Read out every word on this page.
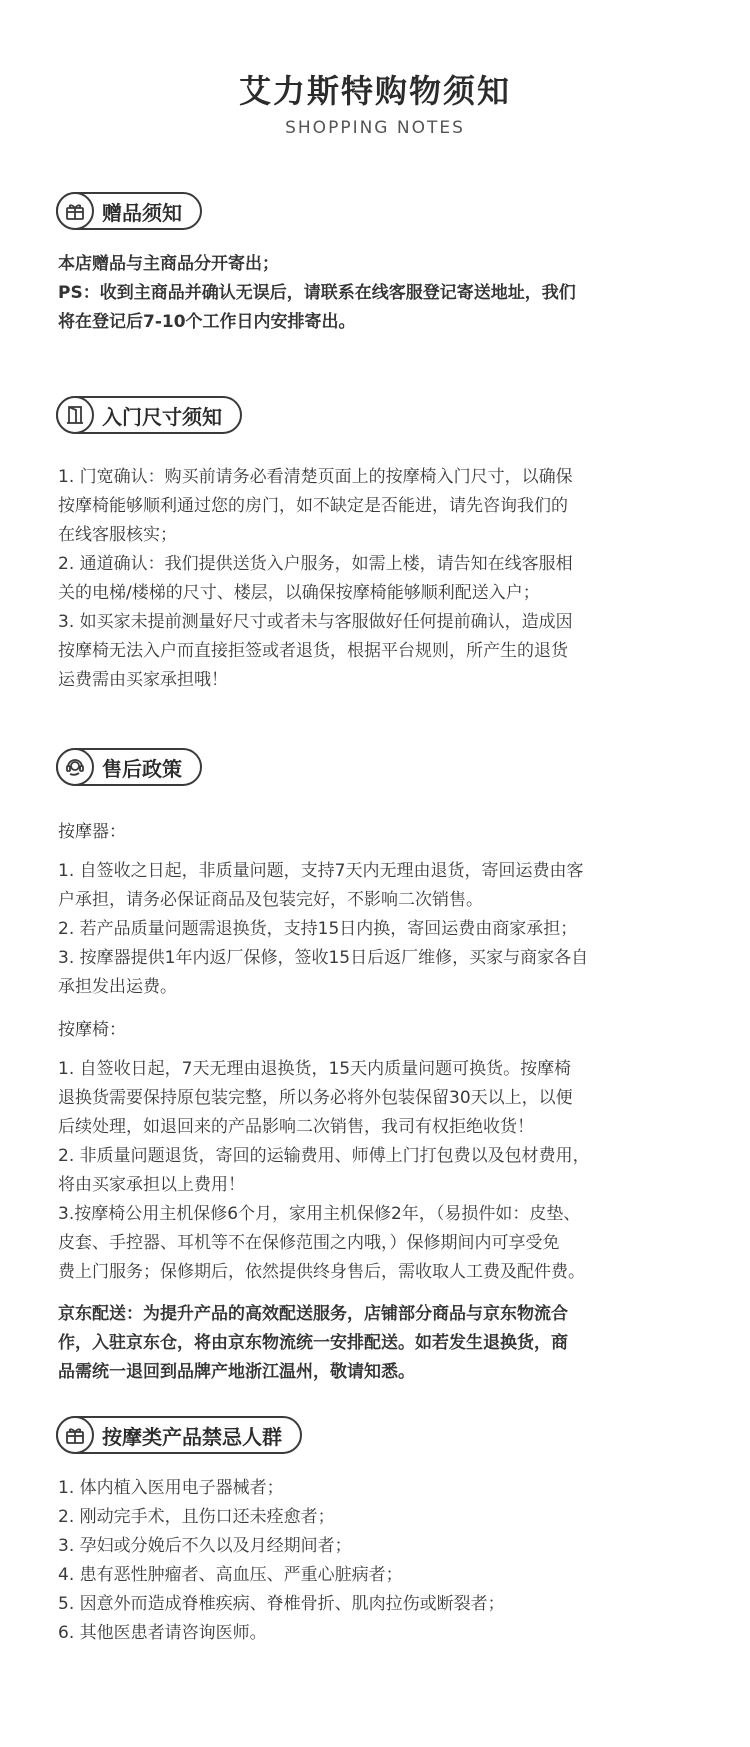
艾力斯特购物须知
SHOPPING NOTES
赠品须知
本店赠品与主商品分开寄出；
PS：收到主商品并确认无误后，请联系在线客服登记寄送地址，我们
将在登记后7-10个工作日内安排寄出。
入门尺寸须知
1. 门宽确认：购买前请务必看清楚页面上的按摩椅入门尺寸，以确保
按摩椅能够顺利通过您的房门，如不缺定是否能进，请先咨询我们的
在线客服核实；
2. 通道确认：我们提供送货入户服务，如需上楼，请告知在线客服相
关的电梯/楼梯的尺寸、楼层，以确保按摩椅能够顺利配送入户；
3. 如买家未提前测量好尺寸或者未与客服做好任何提前确认，造成因
按摩椅无法入户而直接拒签或者退货，根据平台规则，所产生的退货
运费需由买家承担哦！
售后政策
按摩器：
1. 自签收之日起，非质量问题，支持7天内无理由退货，寄回运费由客
户承担，请务必保证商品及包装完好，不影响二次销售。
2. 若产品质量问题需退换货，支持15日内换，寄回运费由商家承担；
3. 按摩器提供1年内返厂保修，签收15日后返厂维修，买家与商家各自
承担发出运费。
按摩椅：
1. 自签收日起，7天无理由退换货，15天内质量问题可换货。按摩椅
退换货需要保持原包装完整，所以务必将外包装保留30天以上，以便
后续处理，如退回来的产品影响二次销售，我司有权拒绝收货！
2. 非质量问题退货，寄回的运输费用、师傅上门打包费以及包材费用，
将由买家承担以上费用！
3.按摩椅公用主机保修6个月，家用主机保修2年，（易损件如：皮垫、
皮套、手控器、耳机等不在保修范围之内哦，）保修期间内可享受免
费上门服务；保修期后，依然提供终身售后，需收取人工费及配件费。
京东配送：为提升产品的高效配送服务，店铺部分商品与京东物流合
作，入驻京东仓，将由京东物流统一安排配送。如若发生退换货，商
品需统一退回到品牌产地浙江温州，敬请知悉。
按摩类产品禁忌人群
1. 体内植入医用电子器械者；
2. 刚动完手术，且伤口还未痊愈者；
3. 孕妇或分娩后不久以及月经期间者；
4. 患有恶性肿瘤者、高血压、严重心脏病者；
5. 因意外而造成脊椎疾病、脊椎骨折、肌肉拉伤或断裂者；
6. 其他医患者请咨询医师。
